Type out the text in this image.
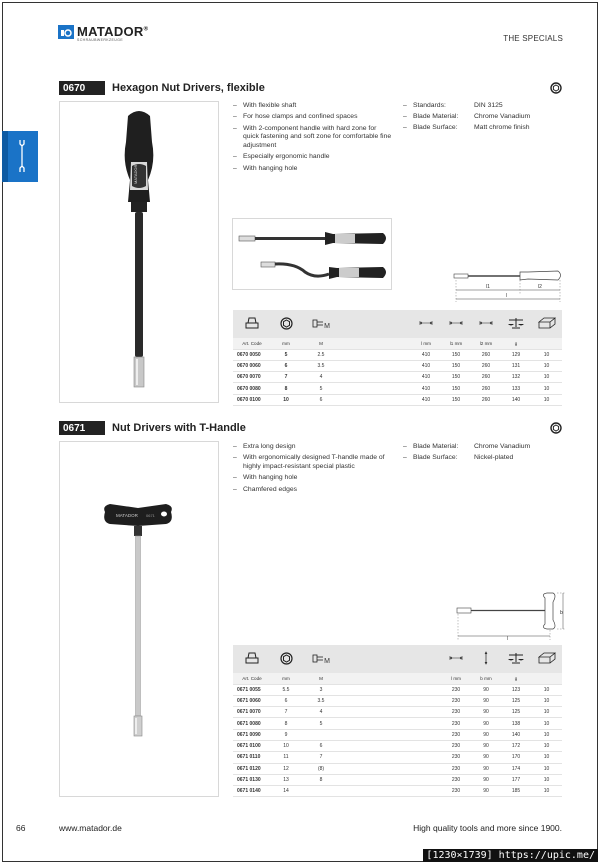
MATADOR®
SCHRAUBWERKZEUGE	THE SPECIALS
0670	Hexagon Nut Drivers, flexible
MATADOR
– With flexible shaft
– For hose clamps and confined spaces
– With 2-component handle with hard zone for quick fastening and soft zone for comfortable fine adjustment
– Especially ergonomic handle
– With hanging hole
– Standards:	DIN 3125
– Blade Material:	Chrome Vanadium
– Blade Surface:	Matt chrome finish
l1	l2
l
		M						
Art. Code	mm	M		l mm	l1 mm	l2 mm	g	
0670 0050	5	2.5		410	150	260	129	10
0670 0060	6	3.5		410	150	260	131	10
0670 0070	7	4		410	150	260	132	10
0670 0080	8	5		410	150	260	133	10
0670 0100	10	6		410	150	260	140	10
0671	Nut Drivers with T-Handle
MATADOR 0671
– Extra long design
– With ergonomically designed T-handle made of highly impact-resistant special plastic
– With hanging hole
– Chamfered edges
– Blade Material:	Chrome Vanadium
– Blade Surface:	Nickel-plated
b
l
		M						
Art. Code	mm	M		l mm	b mm		g	
0671 0055	5.5	3		230	90		123	10
0671 0060	6	3.5		230	90		125	10
0671 0070	7	4		230	90		125	10
0671 0080	8	5		230	90		138	10
0671 0090	9			230	90		140	10
0671 0100	10	6		230	90		172	10
0671 0110	11	7		230	90		170	10
0671 0120	12	(8)		230	90		174	10
0671 0130	13	8		230	90		177	10
0671 0140	14			230	90		185	10
66	www.matador.de	High quality tools and more since 1900.
[1230×1739] https://upic.me/
